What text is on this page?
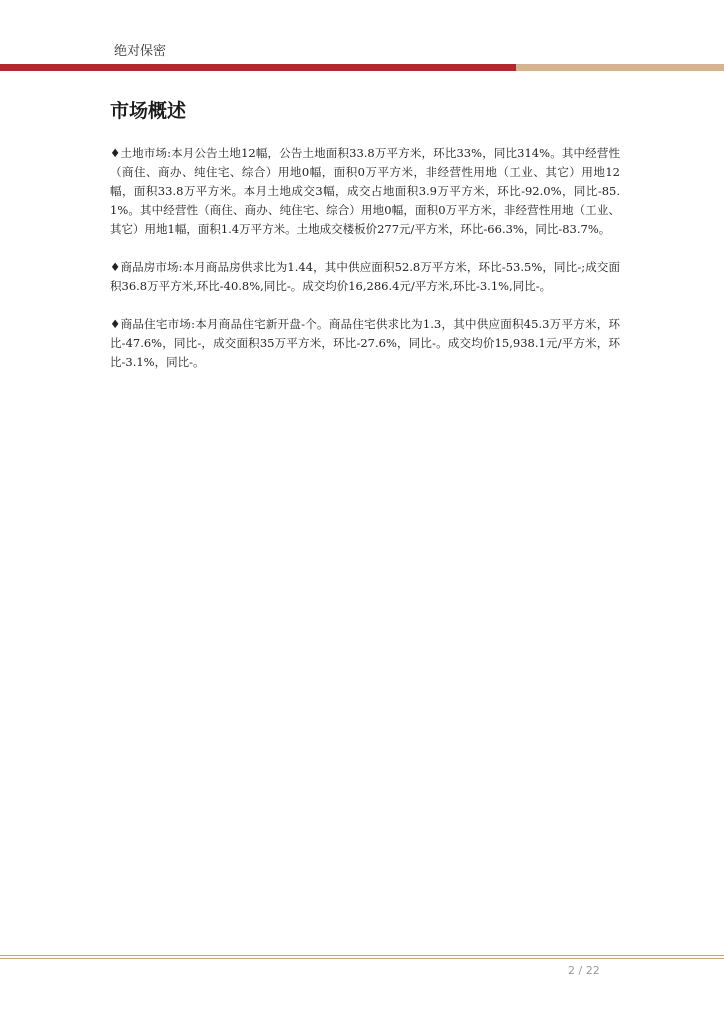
绝对保密
市场概述

♦土地市场:本月公告土地12幅，公告土地面积33.8万平方米，环比33%，同比314%。其中经营性（商住、商办、纯住宅、综合）用地0幅，面积0万平方米，非经营性用地（工业、其它）用地12幅，面积33.8万平方米。本月土地成交3幅，成交占地面积3.9万平方米，环比-92.0%，同比-85.1%。其中经营性（商住、商办、纯住宅、综合）用地0幅，面积0万平方米，非经营性用地（工业、其它）用地1幅，面积1.4万平方米。土地成交楼板价277元/平方米，环比-66.3%，同比-83.7%。

♦商品房市场:本月商品房供求比为1.44，其中供应面积52.8万平方米，环比-53.5%，同比-;成交面积36.8万平方米,环比-40.8%,同比-。成交均价16,286.4元/平方米,环比-3.1%,同比-。

♦商品住宅市场:本月商品住宅新开盘-个。商品住宅供求比为1.3，其中供应面积45.3万平方米，环比-47.6%，同比-，成交面积35万平方米，环比-27.6%，同比-。成交均价15,938.1元/平方米，环比-3.1%，同比-。

2 / 22
